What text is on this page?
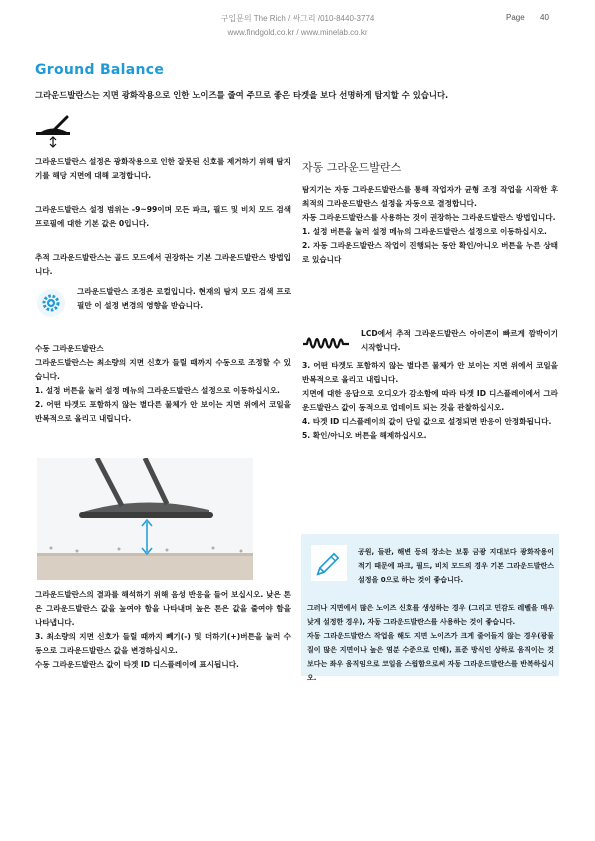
구입문의 The Rich / 싸그리 /010-8440-3774
www.findgold.co.kr / www.minelab.co.kr
Page 40
Ground Balance

그라운드발란스는 지면 광화작용으로 인한 노이즈를 줄여 주므로 좋은 타겟을 보다 선명하게 탐지할 수 있습니다.

그라운드발란스 설정은 광화작용으로 인한 잘못된 신호를 제거하기 위해 탐지기를 해당 지면에 대해 교정합니다.

그라운드발란스 설정 범위는 -9~99이며 모든 파크, 필드 및 비치 모드 검색 프로필에 대한 기본 값은 0입니다.

추적 그라운드발란스는 골드 모드에서 권장하는 기본 그라운드발란스 방법입니다.

그라운드발란스 조정은 로컬입니다. 현재의 탐지 모드 검색 프로필만 이 설정 변경의 영향을 받습니다.

수동 그라운드발란스

그라운드발란스는 최소량의 지면 신호가 들릴 때까지 수동으로 조정할 수 있습니다.

1. 설정 버튼을 눌러 설정 메뉴의 그라운드발란스 설정으로 이동하십시오.

2. 어떤 타겟도 포함하지 않는 별다른 물체가 안 보이는 지면 위에서 코일을 반복적으로 올리고 내립니다.

그라운드발란스의 결과를 해석하기 위해 음성 반응을 들어 보십시오. 낮은 톤은 그라운드발란스 값을 높여야 함을 나타내며 높은 톤은 값을 줄여야 함을 나타냅니다.

3. 최소량의 지면 신호가 들릴 때까지 빼기(-) 및 더하기(+)버튼을 눌러 수동으로 그라운드발란스 값을 변경하십시오.

수동 그라운드발란스 값이 타겟 ID 디스플레이에 표시됩니다.

자동 그라운드발란스

탐지기는 자동 그라운드발란스를 통해 작업자가 균형 조정 작업을 시작한 후 최적의 그라운드발란스 설정을 자동으로 결정합니다.

자동 그라운드발란스를 사용하는 것이 권장하는 그라운드발란스 방법입니다.

1. 설정 버튼을 눌러 설정 메뉴의 그라운드발란스 설정으로 이동하십시오.

2. 자동 그라운드발란스 작업이 진행되는 동안 확인/아니오 버튼을 누른 상태로 있습니다

LCD에서 추적 그라운드발란스 아이콘이 빠르게 깜박이기 시작합니다.

3. 어떤 타겟도 포함하지 않는 별다른 물체가 안 보이는 지면 위에서 코일을 반복적으로 올리고 내립니다.

지면에 대한 응답으로 오디오가 감소함에 따라 타겟 ID 디스플레이에서 그라운드발란스 값이 동적으로 업데이트 되는 것을 관찰하십시오.

4. 타겟 ID 디스플레이의 값이 단일 값으로 설정되면 반응이 안정화됩니다.

5. 확인/아니오 버튼을 해제하십시오.

공원, 들판, 해변 등의 장소는 보통 금광 지대보다 광화작용이 적기 때문에 파크, 필드, 비치 모드의 경우 기본 그라운드발란스 설정을 0으로 하는 것이 좋습니다.

그러나 지면에서 많은 노이즈 신호를 생성하는 경우 (그리고 민감도 레벨을 매우 낮게 설정한 경우), 자동 그라운드발란스를 사용하는 것이 좋습니다.

자동 그라운드발란스 작업을 해도 지면 노이즈가 크게 줄어들지 않는 경우(광물질이 많은 지면이나 높은 염분 수준으로 인해), 표준 방식인 상하로 움직이는 것보다는 좌우 움직임으로 코일을 스윕함으로써 자동 그라운드발란스를 반복하십시오.
